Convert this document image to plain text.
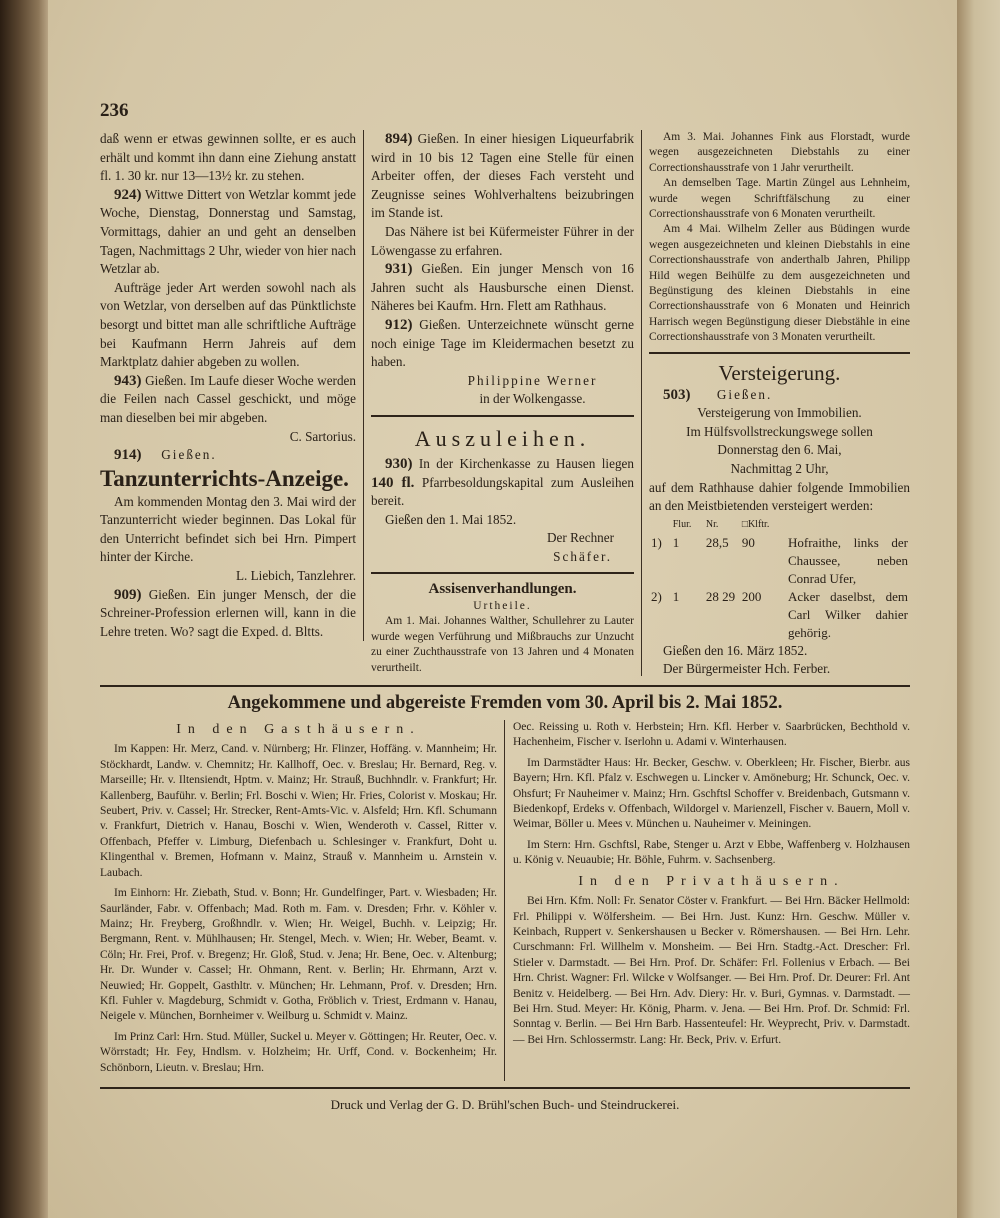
236

daß wenn er etwas gewinnen sollte, er es auch erhält und kommt ihn dann eine Ziehung anstatt fl. 1. 30 kr. nur 13—13½ kr. zu stehen.

924) Wittwe Dittert von Wetzlar kommt jede Woche, Dienstag, Donnerstag und Samstag, Vormittags, dahier an und geht an denselben Tagen, Nachmittags 2 Uhr, wieder von hier nach Wetzlar ab.

Aufträge jeder Art werden sowohl nach als von Wetzlar, von derselben auf das Pünktlichste besorgt und bittet man alle schriftliche Aufträge bei Kaufmann Herrn Jahreis auf dem Marktplatz dahier abgeben zu wollen.

943) Gießen. Im Laufe dieser Woche werden die Feilen nach Cassel geschickt, und möge man dieselben bei mir abgeben.

C. Sartorius.

914) Gießen.

Tanzunterrichts-Anzeige.

Am kommenden Montag den 3. Mai wird der Tanzunterricht wieder beginnen. Das Lokal für den Unterricht befindet sich bei Hrn. Pimpert hinter der Kirche.

L. Liebich, Tanzlehrer.

909) Gießen. Ein junger Mensch, der die Schreiner-Profession erlernen will, kann in die Lehre treten. Wo? sagt die Exped. d. Bltts.

894) Gießen. In einer hiesigen Liqueurfabrik wird in 10 bis 12 Tagen eine Stelle für einen Arbeiter offen, der dieses Fach versteht und Zeugnisse seines Wohlverhaltens beizubringen im Stande ist.

Das Nähere ist bei Küfermeister Führer in der Löwengasse zu erfahren.

931) Gießen. Ein junger Mensch von 16 Jahren sucht als Hausbursche einen Dienst. Näheres bei Kaufm. Hrn. Flett am Rathhaus.

912) Gießen. Unterzeichnete wünscht gerne noch einige Tage im Kleidermachen besetzt zu haben.

Philippine Werner

in der Wolkengasse.

Auszuleihen.

930) In der Kirchenkasse zu Hausen liegen 140 fl. Pfarrbesoldungskapital zum Ausleihen bereit.

Gießen den 1. Mai 1852.

Der Rechner

Schäfer.

Assisenverhandlungen.

Urtheile.

Am 1. Mai. Johannes Walther, Schullehrer zu Lauter wurde wegen Verführung und Mißbrauchs zur Unzucht zu einer Zuchthausstrafe von 13 Jahren und 4 Monaten verurtheilt.

Am 3. Mai. Johannes Fink aus Florstadt, wurde wegen ausgezeichneten Diebstahls zu einer Correctionshausstrafe von 1 Jahr verurtheilt.

An demselben Tage. Martin Züngel aus Lehnheim, wurde wegen Schriftfälschung zu einer Correctionshausstrafe von 6 Monaten verurtheilt.

Am 4 Mai. Wilhelm Zeller aus Büdingen wurde wegen ausgezeichneten und kleinen Diebstahls in eine Correctionshausstrafe von anderthalb Jahren, Philipp Hild wegen Beihülfe zu dem ausgezeichneten und Begünstigung des kleinen Diebstahls in eine Correctionshausstrafe von 6 Monaten und Heinrich Harrisch wegen Begünstigung dieser Diebstähle in eine Correctionshausstrafe von 3 Monaten verurtheilt.

Versteigerung.

503) Gießen.

Versteigerung von Immobilien.

Im Hülfsvollstreckungswege sollen

Donnerstag den 6. Mai,

Nachmittag 2 Uhr,

auf dem Rathhause dahier folgende Immobilien an den Meistbietenden versteigert werden:

	Flur.	Nr.	□Klftr.	
1)	1	28,5	90	Hofraithe, links der Chaussee, neben Conrad Ufer,
2)	1	28 29	200	Acker daselbst, dem Carl Wilker dahier gehörig.

Gießen den 16. März 1852.

Der Bürgermeister Hch. Ferber.

Angekommene und abgereiste Fremden vom 30. April bis 2. Mai 1852.

In den Gasthäusern.

Im Kappen: Hr. Merz, Cand. v. Nürnberg; Hr. Flinzer, Hoffäng. v. Mannheim; Hr. Stöckhardt, Landw. v. Chemnitz; Hr. Kallhoff, Oec. v. Breslau; Hr. Bernard, Reg. v. Marseille; Hr. v. Iltensiendt, Hptm. v. Mainz; Hr. Strauß, Buchhndlr. v. Frankfurt; Hr. Kallenberg, Bauführ. v. Berlin; Frl. Boschi v. Wien; Hr. Fries, Colorist v. Moskau; Hr. Seubert, Priv. v. Cassel; Hr. Strecker, Rent-Amts-Vic. v. Alsfeld; Hrn. Kfl. Schumann v. Frankfurt, Dietrich v. Hanau, Boschi v. Wien, Wenderoth v. Cassel, Ritter v. Offenbach, Pfeffer v. Limburg, Diefenbach u. Schlesinger v. Frankfurt, Doht u. Klingenthal v. Bremen, Hofmann v. Mainz, Strauß v. Mannheim u. Arnstein v. Laubach.

Im Einhorn: Hr. Ziebath, Stud. v. Bonn; Hr. Gundelfinger, Part. v. Wiesbaden; Hr. Saurländer, Fabr. v. Offenbach; Mad. Roth m. Fam. v. Dresden; Frhr. v. Köhler v. Mainz; Hr. Freyberg, Großhndlr. v. Wien; Hr. Weigel, Buchh. v. Leipzig; Hr. Bergmann, Rent. v. Mühlhausen; Hr. Stengel, Mech. v. Wien; Hr. Weber, Beamt. v. Cöln; Hr. Frei, Prof. v. Bregenz; Hr. Gloß, Stud. v. Jena; Hr. Bene, Oec. v. Altenburg; Hr. Dr. Wunder v. Cassel; Hr. Ohmann, Rent. v. Berlin; Hr. Ehrmann, Arzt v. Neuwied; Hr. Goppelt, Gasthltr. v. München; Hr. Lehmann, Prof. v. Dresden; Hrn. Kfl. Fuhler v. Magdeburg, Schmidt v. Gotha, Fröblich v. Triest, Erdmann v. Hanau, Neigele v. München, Bornheimer v. Weilburg u. Schmidt v. Mainz.

Im Prinz Carl: Hrn. Stud. Müller, Suckel u. Meyer v. Göttingen; Hr. Reuter, Oec. v. Wörrstadt; Hr. Fey, Hndlsm. v. Holzheim; Hr. Urff, Cond. v. Bockenheim; Hr. Schönborn, Lieutn. v. Breslau; Hrn.

Oec. Reissing u. Roth v. Herbstein; Hrn. Kfl. Herber v. Saarbrücken, Bechthold v. Hachenheim, Fischer v. Iserlohn u. Adami v. Winterhausen.

Im Darmstädter Haus: Hr. Becker, Geschw. v. Oberkleen; Hr. Fischer, Bierbr. aus Bayern; Hrn. Kfl. Pfalz v. Eschwegen u. Lincker v. Amöneburg; Hr. Schunck, Oec. v. Ohsfurt; Fr Nauheimer v. Mainz; Hrn. Gschftsl Schoffer v. Breidenbach, Gutsmann v. Biedenkopf, Erdeks v. Offenbach, Wildorgel v. Marienzell, Fischer v. Bauern, Moll v. Weimar, Böller u. Mees v. München u. Nauheimer v. Meiningen.

Im Stern: Hrn. Gschftsl, Rabe, Stenger u. Arzt v Ebbe, Waffenberg v. Holzhausen u. König v. Neuaubie; Hr. Böhle, Fuhrm. v. Sachsenberg.

In den Privathäusern.

Bei Hrn. Kfm. Noll: Fr. Senator Cöster v. Frankfurt. — Bei Hrn. Bäcker Hellmold: Frl. Philippi v. Wölfersheim. — Bei Hrn. Just. Kunz: Hrn. Geschw. Müller v. Keinbach, Ruppert v. Senkershausen u Becker v. Römershausen. — Bei Hrn. Lehr. Curschmann: Frl. Willhelm v. Monsheim. — Bei Hrn. Stadtg.-Act. Drescher: Frl. Stieler v. Darmstadt. — Bei Hrn. Prof. Dr. Schäfer: Frl. Follenius v Erbach. — Bei Hrn. Christ. Wagner: Frl. Wilcke v Wolfsanger. — Bei Hrn. Prof. Dr. Deurer: Frl. Ant Benitz v. Heidelberg. — Bei Hrn. Adv. Diery: Hr. v. Buri, Gymnas. v. Darmstadt. — Bei Hrn. Stud. Meyer: Hr. König, Pharm. v. Jena. — Bei Hrn. Prof. Dr. Schmid: Frl. Sonntag v. Berlin. — Bei Hrn Barb. Hassenteufel: Hr. Weyprecht, Priv. v. Darmstadt. — Bei Hrn. Schlossermstr. Lang: Hr. Beck, Priv. v. Erfurt.

Druck und Verlag der G. D. Brühl'schen Buch- und Steindruckerei.
